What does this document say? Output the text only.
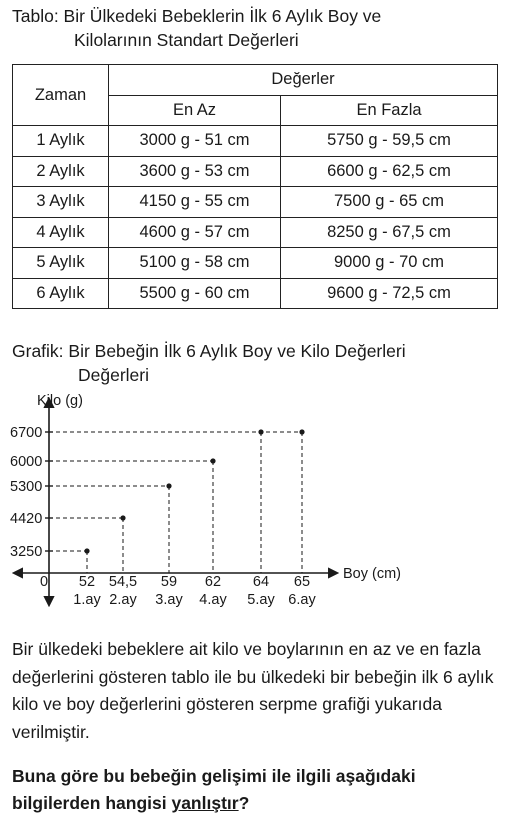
Tablo: Bir Ülkedeki Bebeklerin İlk 6 Aylık Boy ve
Kilolarının Standart Değerleri
Zaman	Değerler	
	En Az	En Fazla
1 Aylık	3000 g - 51 cm	5750 g - 59,5 cm
2 Aylık	3600 g - 53 cm	6600 g - 62,5 cm
3 Aylık	4150 g - 55 cm	7500 g - 65 cm
4 Aylık	4600 g - 57 cm	8250 g - 67,5 cm
5 Aylık	5100 g - 58 cm	9000 g - 70 cm
6 Aylık	5500 g - 60 cm	9600 g - 72,5 cm
Grafik: Bir Bebeğin İlk 6 Aylık Boy ve Kilo Değerleri
Değerleri
Kilo (g)
Boy (cm)
0
3250
4420
5300
6000
6700
52 54,5 59 62 64 65
1.ay 2.ay 3.ay 4.ay 5.ay 6.ay
Bir ülkedeki bebeklere ait kilo ve boylarının en az ve en fazla değerlerini gösteren tablo ile bu ülkedeki bir bebeğin ilk 6 aylık kilo ve boy değerlerini gösteren serpme grafiği yukarıda verilmiştir.
Buna göre bu bebeğin gelişimi ile ilgili aşağıdaki bilgilerden hangisi yanlıştır?
